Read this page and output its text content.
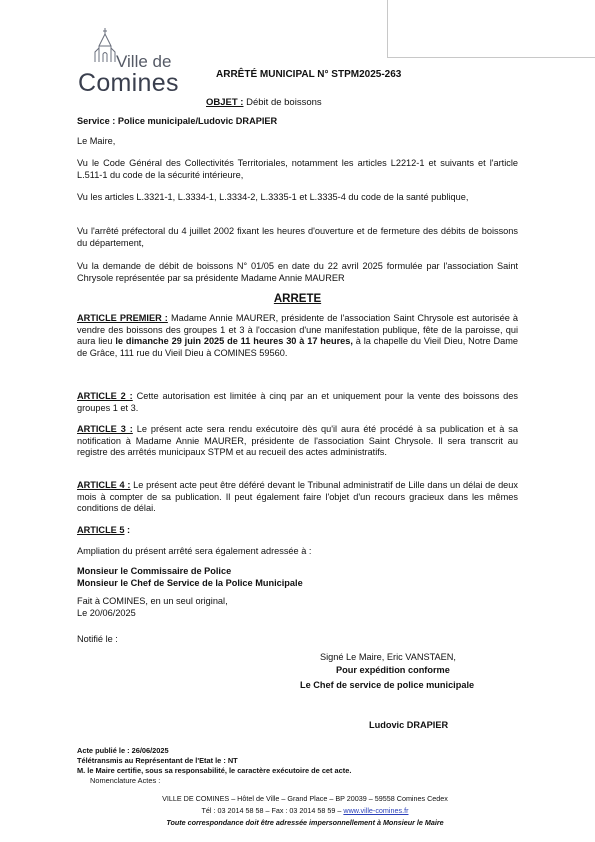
Ville de
Comines	ARRÊTÉ MUNICIPAL N° STPM2025-263
OBJET : Débit de boissons
Service : Police municipale/Ludovic DRAPIER
Le Maire,
Vu le Code Général des Collectivités Territoriales, notamment les articles L2212-1 et suivants et l'article L.511-1 du code de la sécurité intérieure,
Vu les articles L.3321-1, L.3334-1, L.3334-2, L.3335-1 et L.3335-4 du code de la santé publique,
Vu l'arrêté préfectoral du 4 juillet 2002 fixant les heures d'ouverture et de fermeture des débits de boissons du département,
Vu la demande de débit de boissons N° 01/05 en date du 22 avril 2025 formulée par l'association Saint Chrysole représentée par sa présidente Madame Annie MAURER
ARRETE
ARTICLE PREMIER : Madame Annie MAURER, présidente de l'association Saint Chrysole est autorisée à vendre des boissons des groupes 1 et 3 à l'occasion d'une manifestation publique, fête de la paroisse, qui aura lieu le dimanche 29 juin 2025 de 11 heures 30 à 17 heures, à la chapelle du Vieil Dieu, Notre Dame de Grâce, 111 rue du Vieil Dieu à COMINES 59560.
ARTICLE 2 : Cette autorisation est limitée à cinq par an et uniquement pour la vente des boissons des groupes 1 et 3.
ARTICLE 3 : Le présent acte sera rendu exécutoire dès qu'il aura été procédé à sa publication et à sa notification à Madame Annie MAURER, présidente de l'association Saint Chrysole. Il sera transcrit au registre des arrêtés municipaux STPM et au recueil des actes administratifs.
ARTICLE 4 : Le présent acte peut être déféré devant le Tribunal administratif de Lille dans un délai de deux mois à compter de sa publication. Il peut également faire l'objet d'un recours gracieux dans les mêmes conditions de délai.
ARTICLE 5 :
Ampliation du présent arrêté sera également adressée à :
Monsieur le Commissaire de Police
Monsieur le Chef de Service de la Police Municipale
Fait à COMINES, en un seul original,
Le 20/06/2025
Notifié le :
Signé Le Maire, Eric VANSTAEN,
Pour expédition conforme
Le Chef de service de police municipale
Ludovic DRAPIER
Acte publié le : 26/06/2025
Télétransmis au Représentant de l'Etat le : NT
M. le Maire certifie, sous sa responsabilité, le caractère exécutoire de cet acte.
Nomenclature Actes :
VILLE DE COMINES – Hôtel de Ville – Grand Place – BP 20039 – 59558 Comines Cedex
Tél : 03 2014 58 58 – Fax : 03 2014 58 59 – www.ville-comines.fr
Toute correspondance doit être adressée impersonnellement à Monsieur le Maire
